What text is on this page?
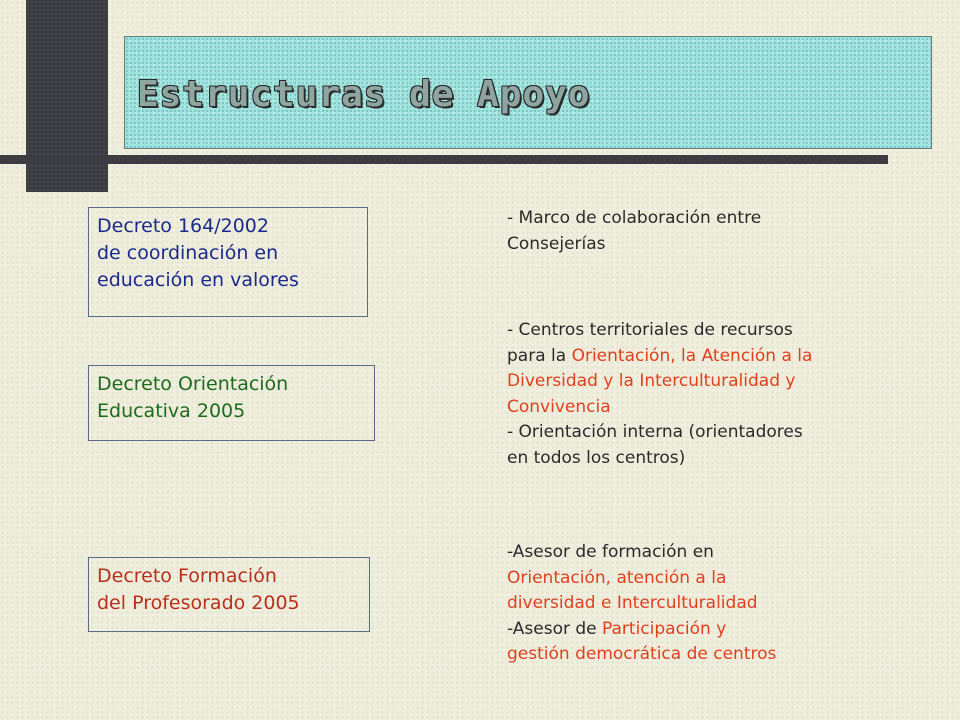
Estructuras de Apoyo
Decreto 164/2002
de coordinación en
educación en valores
Decreto Orientación
Educativa 2005
Decreto Formación
del Profesorado 2005
- Marco de colaboración entre
Consejerías
- Centros territoriales de recursos
para la Orientación, la Atención a la
Diversidad y la Interculturalidad y
Convivencia
- Orientación interna (orientadores
en todos los centros)
-Asesor de formación en
Orientación, atención a la
diversidad e Interculturalidad
-Asesor de Participación y
gestión democrática de centros
